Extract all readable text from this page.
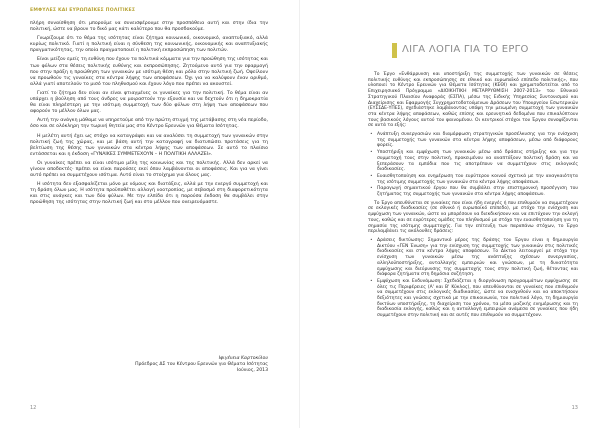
ΕΜΦΥΛΕΣ ΚΑΙ ΕΥΡΩΠΑΪΚΕΣ ΠΟΛΙΤΙΚΕΣ

πλήρη συναίσθηση ότι μπορούμε να συνεισφέρουμε στην προσπάθεια αυτή και στην ίδια την πολιτική, ώστε να βρουν το δικό μας κάτι καλύτερο που θα προσδοκούμε.

Γνωρίζουμε ότι το θέμα της ισότητας είναι ζήτημα κοινωνικό, οικονομικό, αναπτυξιακό, αλλά κυρίως πολιτικό. Γιατί η πολιτική είναι η σύνθεση της κοινωνικής, οικονομικής και αναπτυξιακής πραγματικότητας, την οποία πραγματοποιεί η πολιτική εκπροσώπηση των πολιτών.

Είναι μείζον εμείς τη ευθύνη που έχουν τα πολιτικά κόμματα για την προώθηση της ισότητας και των φύλων στα θέσεις πολιτικής ευθύνης και εκπροσώπησης. Ζητούμενο αυτό για την εφαρμογή που στην πράξη η προώθηση των γυναικών με ισότιμη θέση και ρόλο στην πολιτική ζωή. Οφείλουν να προωθούν τις γυναίκες στα κέντρα λήψης των αποφάσεων. Όχι για να καλύψουν έναν αριθμό, αλλά γιατί αποτελούν το μισό του πληθυσμού και έχουν λόγο που πρέπει να ακουστεί.

Γιατί το ζήτημα δεν είναι αν είναι φτιαγμένες οι γυναίκες για την πολιτική. Το θέμα είναι αν υπάρχει η βούληση από τους άνδρες να μοιραστούν την εξουσία και να δεχτούν ότι η δημοκρατία θα είναι πληρέστερη με την ισότιμη συμμετοχή των δύο φύλων στη λήψη των αποφάσεων που αφορούν το μέλλον όλων μας.

Αυτή την ανάγκη μάθαμε να υπηρετούμε από την πρώτη στιγμή της μετάβασης στη νέα περίοδο, όσο και σε ολόκληρη την τωρινή θητεία μας στο Κέντρο Ερευνών για Θέματα Ισότητας.

Η μελέτη αυτή έχει ως στόχο να καταγράψει και να αναλύσει τη συμμετοχή των γυναικών στην πολιτική ζωή της χώρας, και με βάση αυτή την καταγραφή να διατυπώσει προτάσεις για τη βελτίωση της θέσης των γυναικών στα κέντρα λήψης των αποφάσεων. Σε αυτό το πλαίσιο εντάσσεται και η έκδοση «ΓΥΝΑΙΚΕΣ ΣΥΜΜΕΤΕΧΟΥΝ – Η ΠΟΛΙΤΙΚΗ ΑΛΛΑΖΕΙ».

Οι γυναίκες πρέπει να είναι ισότιμα μέλη της κοινωνίας και της πολιτικής. Αλλά δεν αρκεί να γίνουν αποδεκτές· πρέπει να είναι παρούσες εκεί όπου λαμβάνονται οι αποφάσεις. Και για να γίνει αυτό πρέπει να συμμετέχουν ισότιμα. Αυτό είναι το στοίχημα για όλους μας.

Η ισότητα δεν εξασφαλίζεται μόνο με νόμους και διατάξεις, αλλά με την ενεργό συμμετοχή και τη δράση όλων μας. Η ισότητα προϋποθέτει αλλαγή νοοτροπίας, με σεβασμό στη διαφορετικότητα και στις ανάγκες και των δύο φύλων. Με την ελπίδα ότι η παρούσα έκδοση θα συμβάλει στην προώθηση της ισότητας στην πολιτική ζωή και στο μέλλον που ονειρευόμαστε.

Ιφιγένεια Καρτοκίλου
Πρόεδρος ΔΣ του Κέντρου Ερευνών για Θέματα Ισότητας
Ιούνιος, 2013
12
ΛΙΓΑ ΛΟΓΙΑ ΓΙΑ ΤΟ ΕΡΓΟ

Το Έργο «Ενθάρρυνση και υποστήριξη της συμμετοχής των γυναικών σε θέσεις πολιτικής ευθύνης και εκπροσώπησης σε εθνικό και ευρωπαϊκό επίπεδο πολιτικής», που υλοποιεί το Κέντρο Ερευνών για Θέματα Ισότητας (ΚΕΘΙ) και χρηματοδοτείται από το Επιχειρησιακό Πρόγραμμα «ΔΙΟΙΚΗΤΙΚΗ ΜΕΤΑΡΡΥΘΜΙΣΗ 2007-2013» του Εθνικού Στρατηγικού Πλαισίου Αναφοράς (ΕΣΠΑ), μέσω της Ειδικής Υπηρεσίας Συντονισμού και Διαχείρισης και Εφαρμογής Συγχρηματοδοτούμενων Δράσεων του Υπουργείου Εσωτερικών (ΕΥΣΣΔΕ-ΥΠΕΣ), σχεδιάστηκε λαμβάνοντας υπόψη την μειωμένη συμμετοχή των γυναικών στα κέντρα λήψης αποφάσεων, καθώς επίσης και ερευνητικά δεδομένα που επικαλύπτουν τους βασικούς λόγους αυτού του φαινομένου. Οι κεντρικοί στόχοι του Έργου συνοψίζονται σε αυτά τα εξής:

• Ανάπτυξη συνεργασιών και διαμόρφωση στρατηγικών προσέλκυσης για την ενίσχυση της συμμετοχής των γυναικών στα κέντρα λήψης αποφάσεων, μέσω από διάφορους φορείς.
• Υποστήριξη και εμψύχωση των γυναικών μέσω από δράσεις στήριξης και για την συμμετοχή τους στην πολιτική, προκειμένου να αναπτύξουν πολιτική δράση και να ξεπεράσουν τα εμπόδια που τις αποτρέπουν να συμμετέχουν στις εκλογικές διαδικασίες.
• Ευαισθητοποίηση και ενημέρωση του ευρύτερου κοινού σχετικά με την αναγκαιότητα της ισότιμης συμμετοχής των γυναικών στα κέντρα λήψης αποφάσεων.
• Παραγωγή σημαντικού έργου που θα συμβάλει στην επιστημονική προσέγγιση του ζητήματος της συμμετοχής των γυναικών στα κέντρα λήψης αποφάσεων.

Το Έργο απευθύνεται σε γυναίκες που είναι ήδη ενεργές ή που επιθυμούν να συμμετέχουν σε εκλογικές διαδικασίες (σε εθνικό ή ευρωπαϊκό επίπεδο), με στόχο την ενίσχυση και εμψύχωση των γυναικών, ώστε να μπορέσουν να διεκδικήσουν και να επιτύχουν την εκλογή τους, καθώς και σε ευρύτερες ομάδες του πληθυσμού με στόχο την ευαισθητοποίηση για τη σημασία της ισότιμης συμμετοχής. Για την επίτευξη των παραπάνω στόχων, το Έργο περιλαμβάνει τις ακόλουθες δράσεις:

• Δράσεις δικτύωσης: Σημαντικό μέρος της δράσης του Έργου είναι η δημιουργία Δικτύου «ΓΕΝ Ένωση» για την ενίσχυση της συμμετοχής των γυναικών στις πολιτικές διαδικασίες και στα κέντρα λήψης αποφάσεων. Το Δίκτυο λειτουργεί με στόχο την ενίσχυση των γυναικών μέσω της ανάπτυξης σχέσεων συνεργασίας, αλληλοϋποστήριξης, ανταλλαγής εμπειριών και γνώσεων, με τη δυνατότητα εμψύχωσης και διεύρυνσης της συμμετοχής τους στην πολιτική ζωή, θέτοντας και διάφορα ζητήματα στη δημόσια συζήτηση.
• Εμψύχωση και Ενδυνάμωση: Σχεδιάζεται η διοργάνωση προγραμμάτων εμψύχωσης σε όλες τις Περιφέρειες (Α' και Β' Κύκλος), που απευθύνονται σε γυναίκες που επιθυμούν να συμμετέχουν στις εκλογικές διαδικασίες, ώστε να ενισχυθούν και να αποκτήσουν δεξιότητες και γνώσεις σχετικά με την επικοινωνία, τον πολιτικό λόγο, τη δημιουργία δικτύων υποστήριξης, τη διαχείριση του χρόνου, τα μέσα μαζικής ενημέρωσης και τη διαδικασία εκλογής, καθώς και η ανταλλαγή εμπειριών ανάμεσα σε γυναίκες που ήδη συμμετέχουν στην πολιτική και σε αυτές που επιθυμούν να συμμετέχουν.
13
